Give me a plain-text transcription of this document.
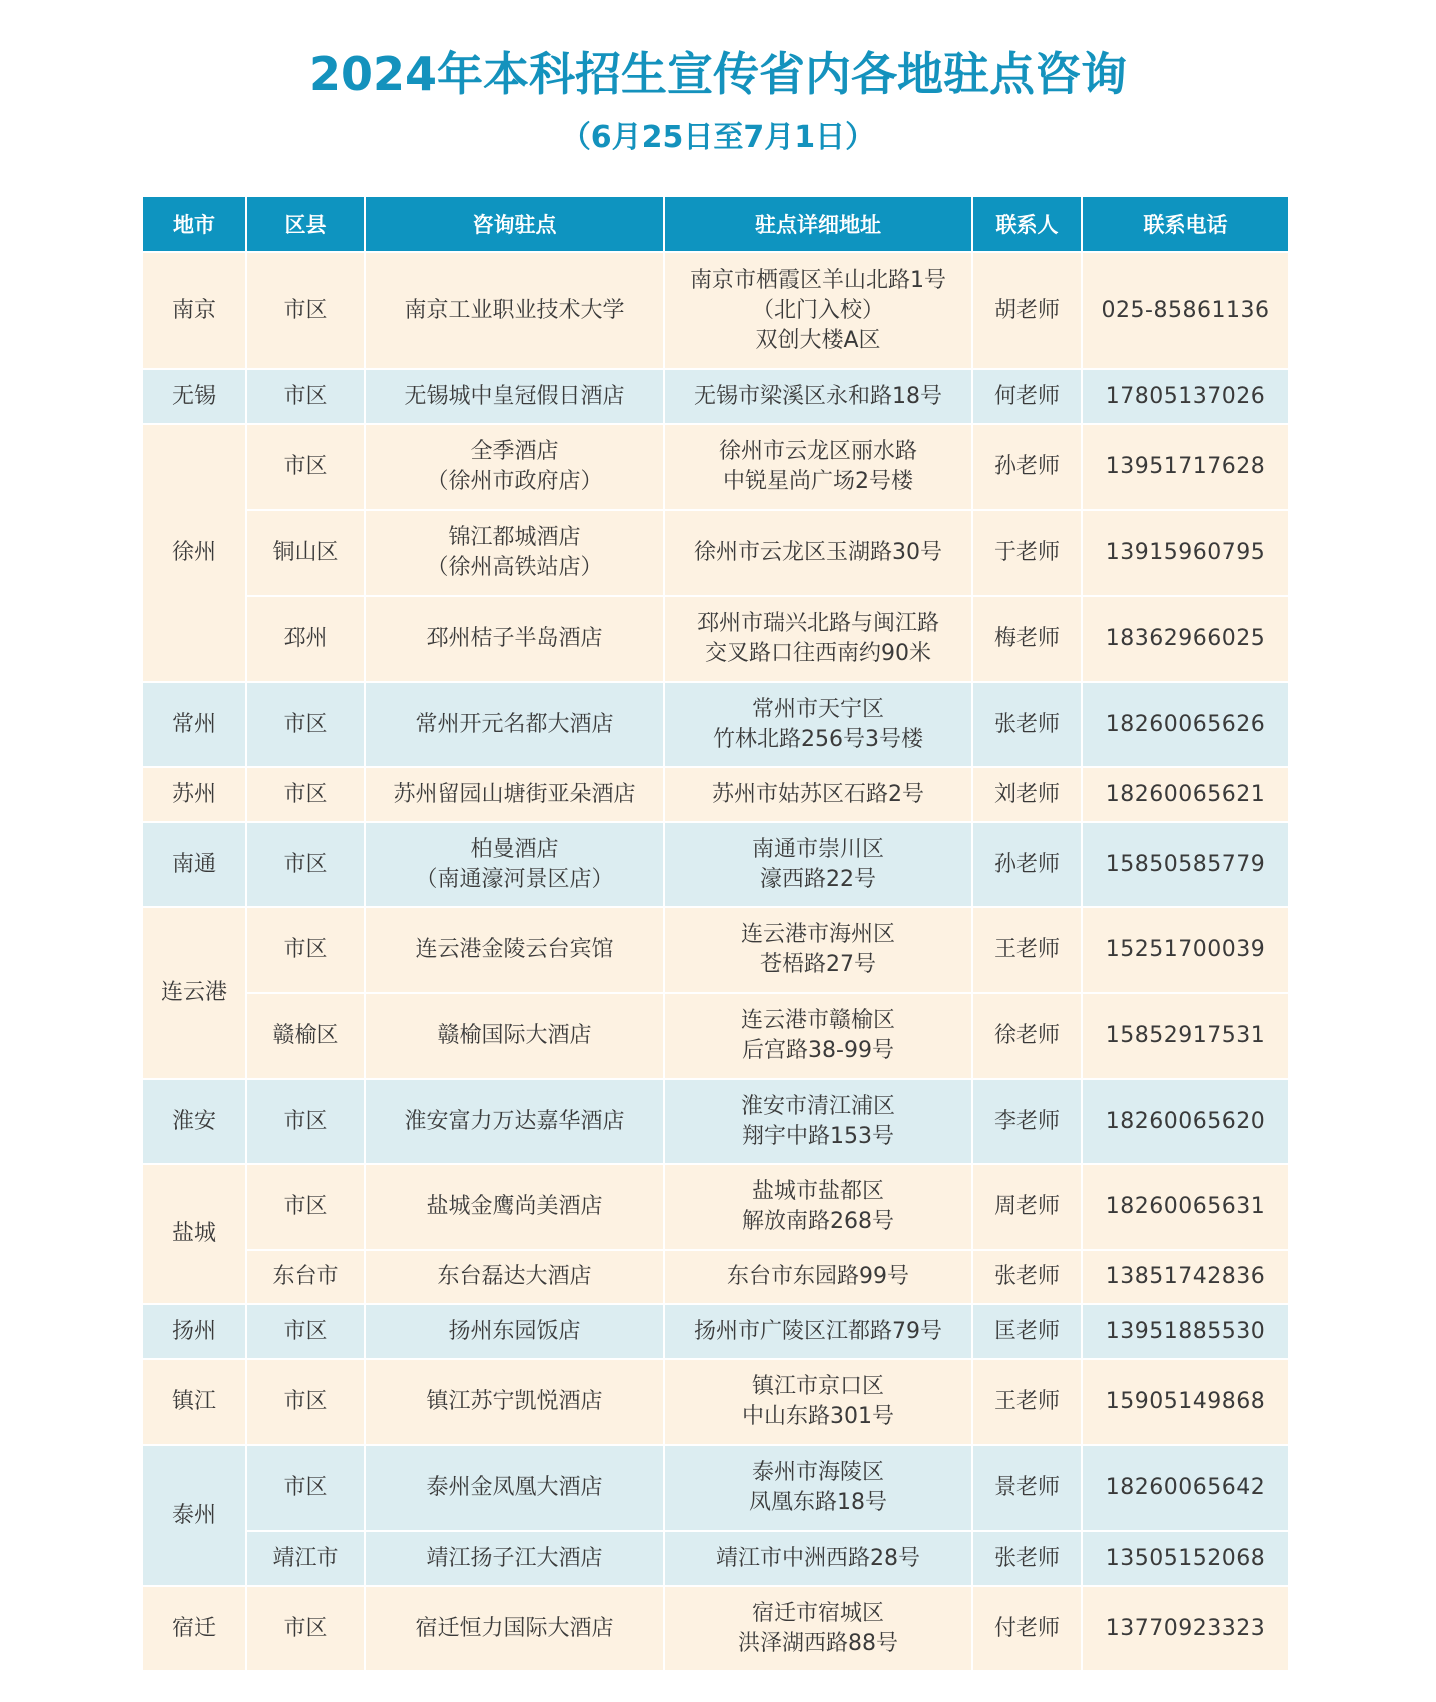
2024年本科招生宣传省内各地驻点咨询
（6月25日至7月1日）
地市	区县	咨询驻点	驻点详细地址	联系人	联系电话
南京	市区	南京工业职业技术大学	南京市栖霞区羊山北路1号
（北门入校）
双创大楼A区	胡老师	025-85861136
无锡	市区	无锡城中皇冠假日酒店	无锡市梁溪区永和路18号	何老师	17805137026
徐州	市区	全季酒店
（徐州市政府店）	徐州市云龙区丽水路
中锐星尚广场2号楼	孙老师	13951717628
	铜山区	锦江都城酒店
（徐州高铁站店）	徐州市云龙区玉湖路30号	于老师	13915960795
	邳州	邳州桔子半岛酒店	邳州市瑞兴北路与闽江路
交叉路口往西南约90米	梅老师	18362966025
常州	市区	常州开元名都大酒店	常州市天宁区
竹林北路256号3号楼	张老师	18260065626
苏州	市区	苏州留园山塘街亚朵酒店	苏州市姑苏区石路2号	刘老师	18260065621
南通	市区	柏曼酒店
（南通濠河景区店）	南通市崇川区
濠西路22号	孙老师	15850585779
连云港	市区	连云港金陵云台宾馆	连云港市海州区
苍梧路27号	王老师	15251700039
	赣榆区	赣榆国际大酒店	连云港市赣榆区
后宫路38-99号	徐老师	15852917531
淮安	市区	淮安富力万达嘉华酒店	淮安市清江浦区
翔宇中路153号	李老师	18260065620
盐城	市区	盐城金鹰尚美酒店	盐城市盐都区
解放南路268号	周老师	18260065631
	东台市	东台磊达大酒店	东台市东园路99号	张老师	13851742836
扬州	市区	扬州东园饭店	扬州市广陵区江都路79号	匡老师	13951885530
镇江	市区	镇江苏宁凯悦酒店	镇江市京口区
中山东路301号	王老师	15905149868
泰州	市区	泰州金凤凰大酒店	泰州市海陵区
凤凰东路18号	景老师	18260065642
	靖江市	靖江扬子江大酒店	靖江市中洲西路28号	张老师	13505152068
宿迁	市区	宿迁恒力国际大酒店	宿迁市宿城区
洪泽湖西路88号	付老师	13770923323
